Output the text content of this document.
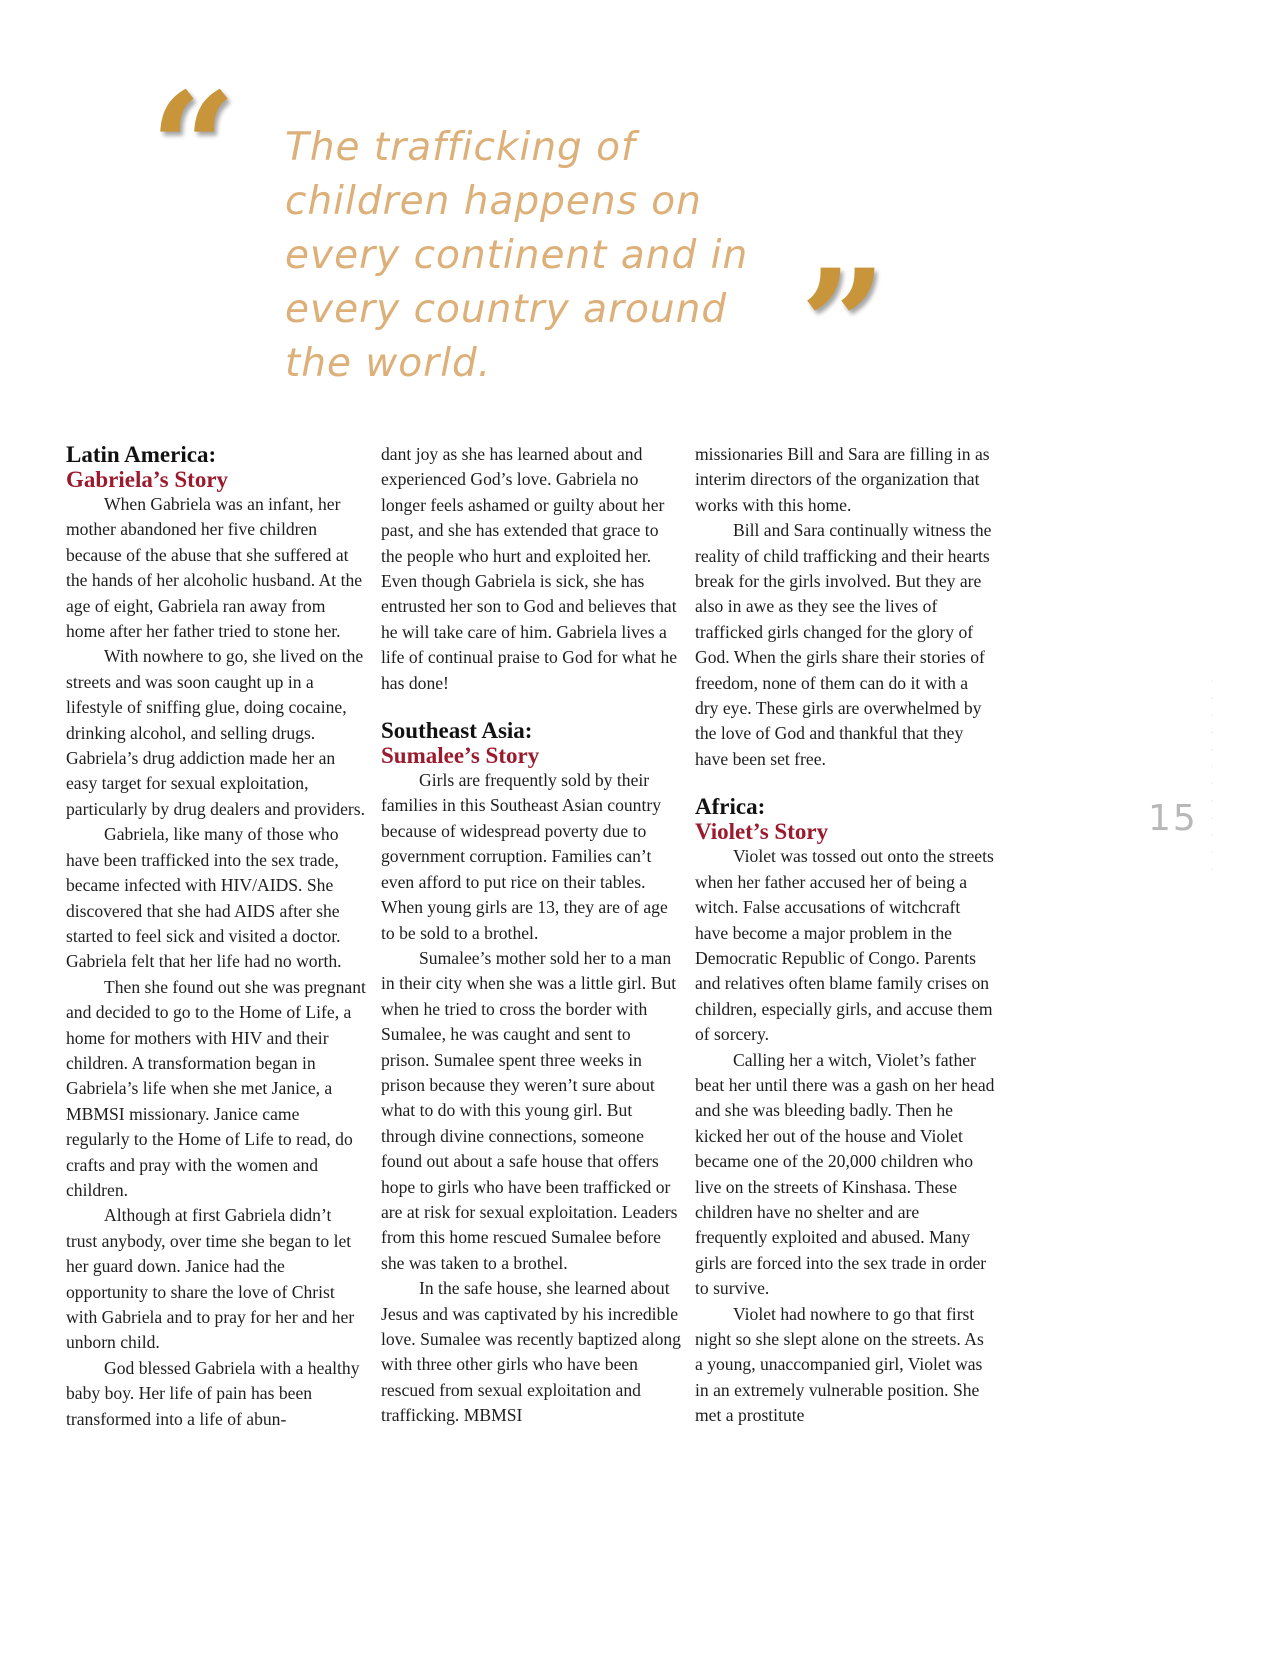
“ The trafficking of children happens on every continent and in every country around the world.	”
Latin America:
Gabriela’s Story

When Gabriela was an infant, her mother abandoned her five children because of the abuse that she suffered at the hands of her alcoholic husband. At the age of eight, Gabriela ran away from home after her father tried to stone her.

With nowhere to go, she lived on the streets and was soon caught up in a lifestyle of sniffing glue, doing cocaine, drinking alcohol, and selling drugs. Gabriela’s drug addiction made her an easy target for sexual exploitation, particularly by drug dealers and providers.

Gabriela, like many of those who have been trafficked into the sex trade, became infected with HIV/AIDS. She discovered that she had AIDS after she started to feel sick and visited a doctor. Gabriela felt that her life had no worth.

Then she found out she was pregnant and decided to go to the Home of Life, a home for mothers with HIV and their children. A transformation began in Gabriela’s life when she met Janice, a MBMSI missionary. Janice came regularly to the Home of Life to read, do crafts and pray with the women and children.

Although at first Gabriela didn’t trust anybody, over time she began to let her guard down. Janice had the opportunity to share the love of Christ with Gabriela and to pray for her and her unborn child.

God blessed Gabriela with a healthy baby boy. Her life of pain has been transformed into a life of abun-

dant joy as she has learned about and experienced God’s love. Gabriela no longer feels ashamed or guilty about her past, and she has extended that grace to the people who hurt and exploited her. Even though Gabriela is sick, she has entrusted her son to God and believes that he will take care of him. Gabriela lives a life of continual praise to God for what he has done!

Southeast Asia:
Sumalee’s Story

Girls are frequently sold by their families in this Southeast Asian country because of widespread poverty due to government corruption. Families can’t even afford to put rice on their tables. When young girls are 13, they are of age to be sold to a brothel.

Sumalee’s mother sold her to a man in their city when she was a little girl. But when he tried to cross the border with Sumalee, he was caught and sent to prison. Sumalee spent three weeks in prison because they weren’t sure about what to do with this young girl. But through divine connections, someone found out about a safe house that offers hope to girls who have been trafficked or are at risk for sexual exploitation. Leaders from this home rescued Sumalee before she was taken to a brothel.

In the safe house, she learned about Jesus and was captivated by his incredible love. Sumalee was recently baptized along with three other girls who have been rescued from sexual exploitation and trafficking. MBMSI

missionaries Bill and Sara are filling in as interim directors of the organization that works with this home.

Bill and Sara continually witness the reality of child trafficking and their hearts break for the girls involved. But they are also in awe as they see the lives of trafficked girls changed for the glory of God. When the girls share their stories of freedom, none of them can do it with a dry eye. These girls are overwhelmed by the love of God and thankful that they have been set free.

Africa:
Violet’s Story

Violet was tossed out onto the streets when her father accused her of being a witch. False accusations of witchcraft have become a major problem in the Democratic Republic of Congo. Parents and relatives often blame family crises on children, especially girls, and accuse them of sorcery.

Calling her a witch, Violet’s father beat her until there was a gash on her head and she was bleeding badly. Then he kicked her out of the house and Violet became one of the 20,000 children who live on the streets of Kinshasa. These children have no shelter and are frequently exploited and abused. Many girls are forced into the sex trade in order to survive.

Violet had nowhere to go that first night so she slept alone on the streets. As a young, unaccompanied girl, Violet was in an extremely vulnerable position. She met a prostitute

15 · · · · · · · · · · · ·
